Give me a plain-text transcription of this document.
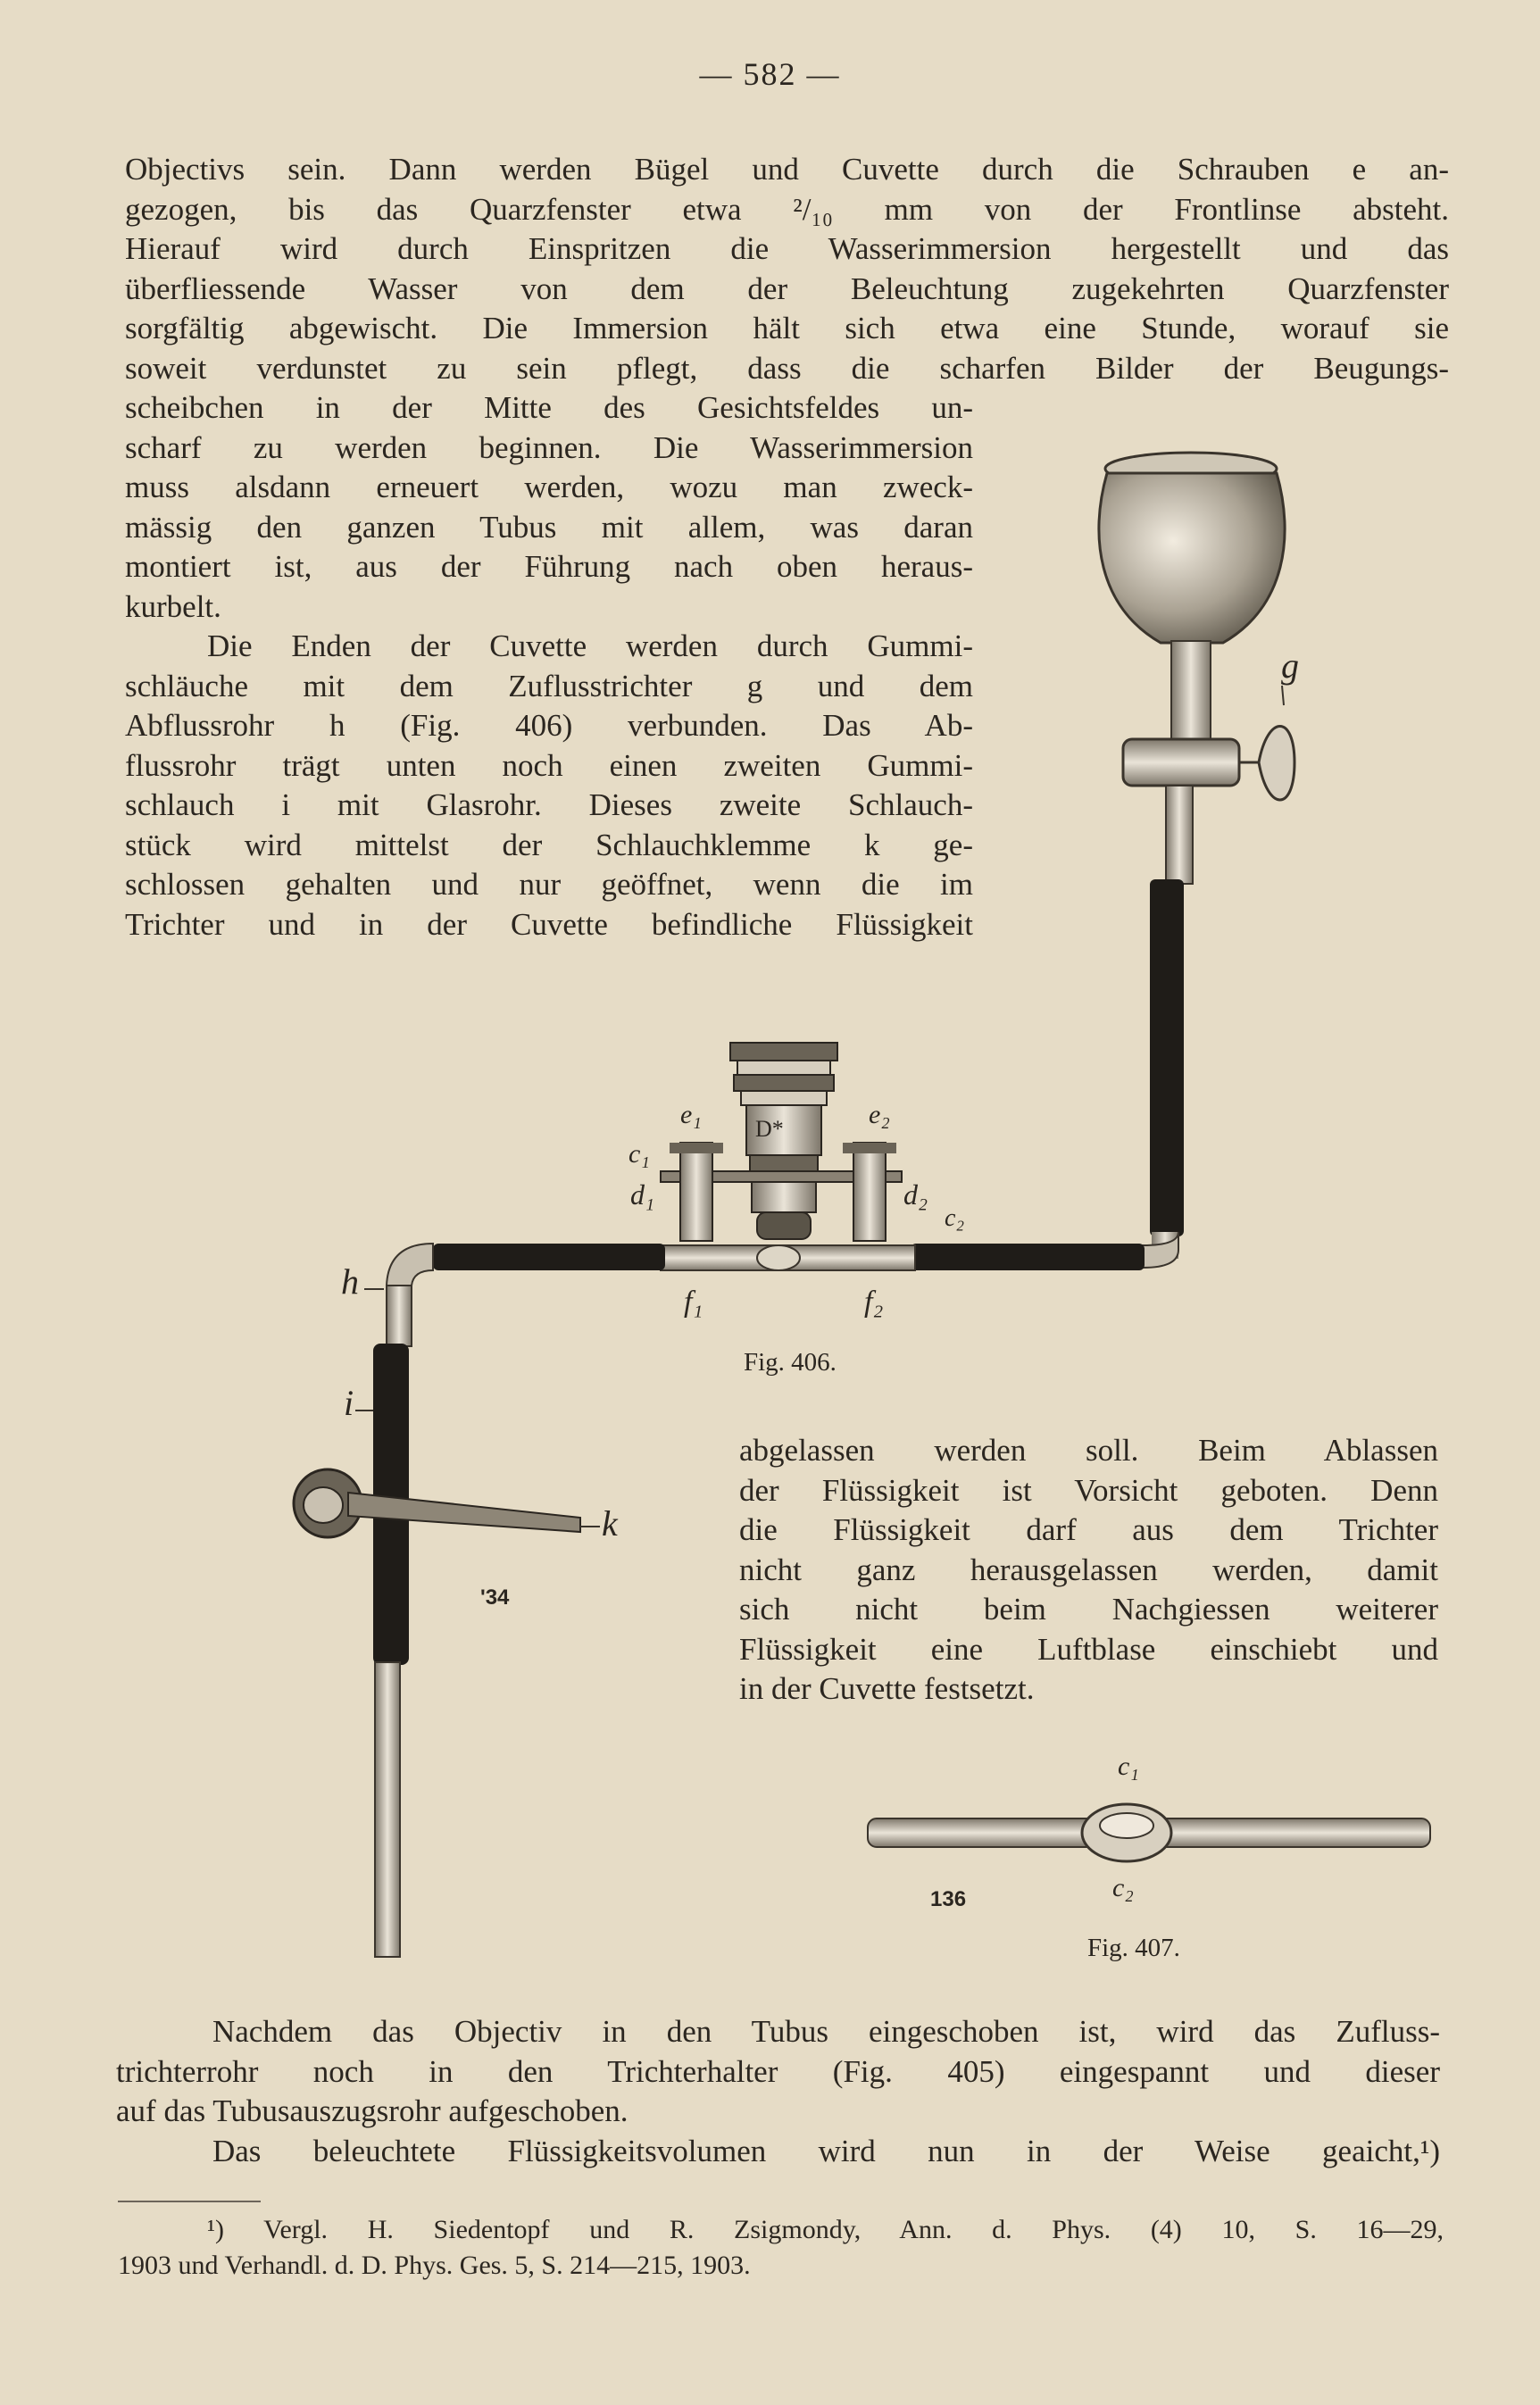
— 582 —
Objectivs sein. Dann werden Bügel und Cuvette durch die Schrauben e an-
gezogen, bis das Quarzfenster etwa ²/₁₀ mm von der Frontlinse absteht.
Hierauf wird durch Einspritzen die Wasserimmersion hergestellt und das
überfliessende Wasser von dem der Beleuchtung zugekehrten Quarzfenster
sorgfältig abgewischt. Die Immersion hält sich etwa eine Stunde, worauf sie
soweit verdunstet zu sein pflegt, dass die scharfen Bilder der Beugungs-
scheibchen in der Mitte des Gesichtsfeldes un-
scharf zu werden beginnen. Die Wasserimmersion
muss alsdann erneuert werden, wozu man zweck-
mässig den ganzen Tubus mit allem, was daran
montiert ist, aus der Führung nach oben heraus-
kurbelt.
Die Enden der Cuvette werden durch Gummi-
schläuche mit dem Zuflusstrichter g und dem
Abflussrohr h (Fig. 406) verbunden. Das Ab-
flussrohr trägt unten noch einen zweiten Gummi-
schlauch i mit Glasrohr. Dieses zweite Schlauch-
stück wird mittelst der Schlauchklemme k ge-
schlossen gehalten und nur geöffnet, wenn die im
Trichter und in der Cuvette befindliche Flüssigkeit
abgelassen werden soll. Beim Ablassen
der Flüssigkeit ist Vorsicht geboten. Denn
die Flüssigkeit darf aus dem Trichter
nicht ganz herausgelassen werden, damit
sich nicht beim Nachgiessen weiterer
Flüssigkeit eine Luftblase einschiebt und
in der Cuvette festsetzt.
Nachdem das Objectiv in den Tubus eingeschoben ist, wird das Zufluss-
trichterrohr noch in den Trichterhalter (Fig. 405) eingespannt und dieser
auf das Tubusauszugsrohr aufgeschoben.
Das beleuchtete Flüssigkeitsvolumen wird nun in der Weise geaicht,¹)
g
h
i
k
e₁	e₂
c₁
d₁	d₂
c₂
f₁	f₂
D*
'34
Fig. 406.
c₁
c₂
136
Fig. 407.
¹) Vergl. H. Siedentopf und R. Zsigmondy, Ann. d. Phys. (4) 10, S. 16—29,
1903 und Verhandl. d. D. Phys. Ges. 5, S. 214—215, 1903.
